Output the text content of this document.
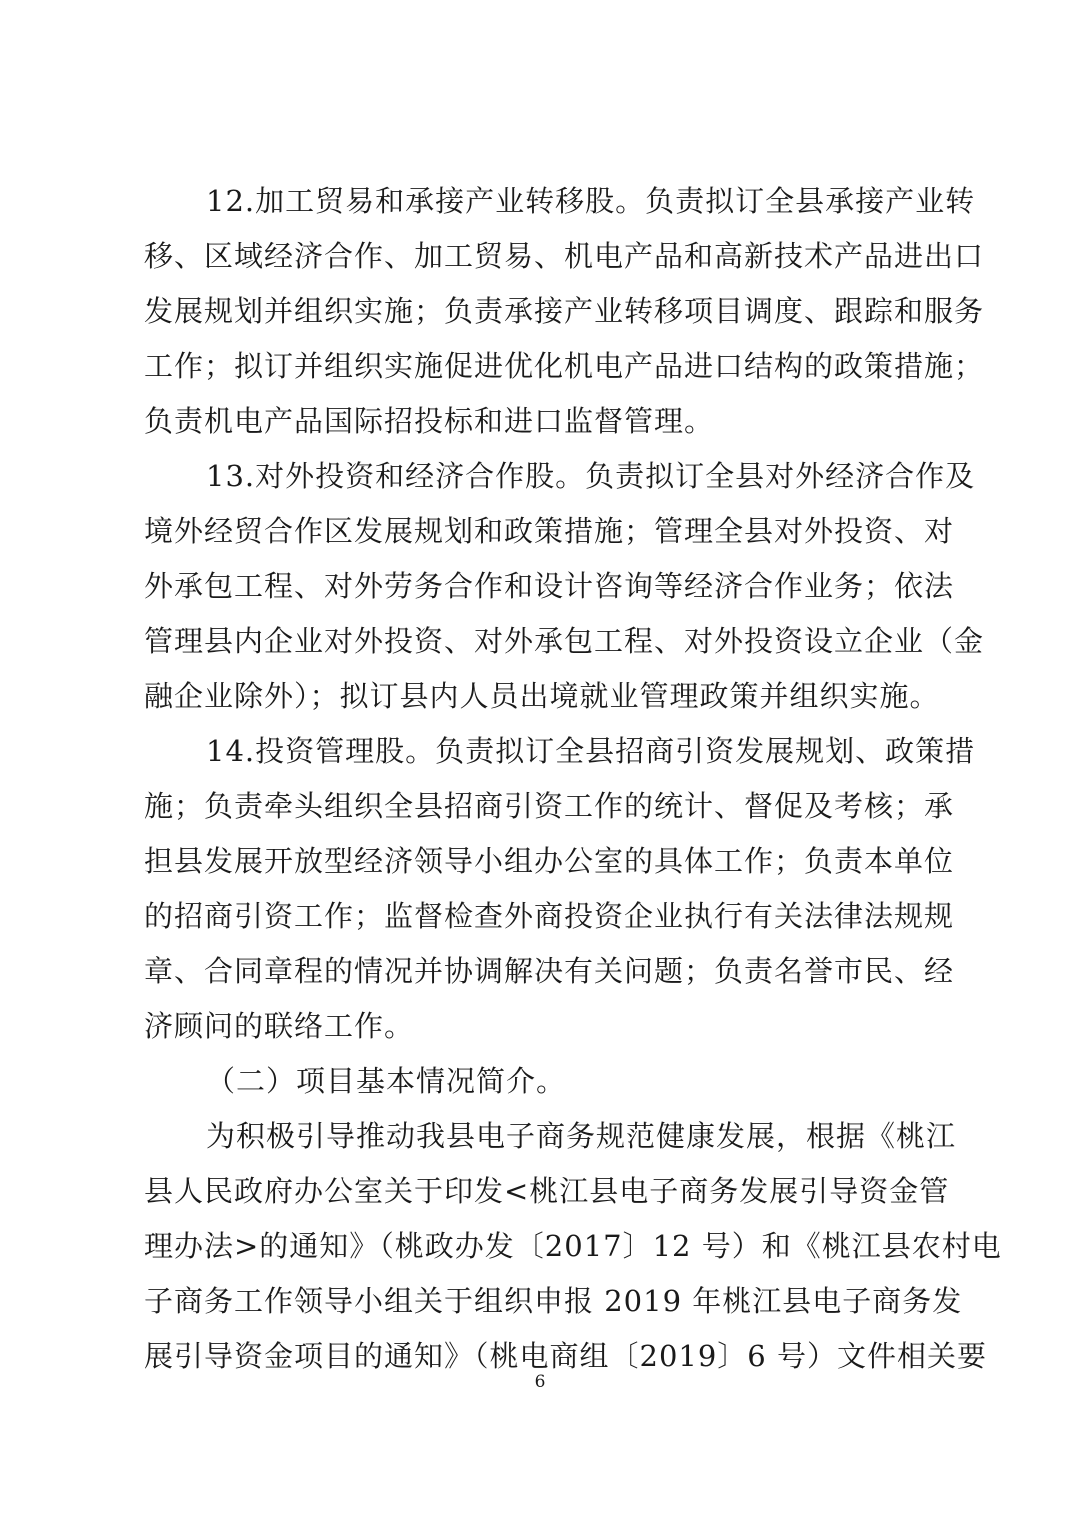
12.加工贸易和承接产业转移股。负责拟订全县承接产业转
移、区域经济合作、加工贸易、机电产品和高新技术产品进出口
发展规划并组织实施；负责承接产业转移项目调度、跟踪和服务
工作；拟订并组织实施促进优化机电产品进口结构的政策措施；
负责机电产品国际招投标和进口监督管理。
13.对外投资和经济合作股。负责拟订全县对外经济合作及
境外经贸合作区发展规划和政策措施；管理全县对外投资、对
外承包工程、对外劳务合作和设计咨询等经济合作业务；依法
管理县内企业对外投资、对外承包工程、对外投资设立企业（金
融企业除外）；拟订县内人员出境就业管理政策并组织实施。
14.投资管理股。负责拟订全县招商引资发展规划、政策措
施；负责牵头组织全县招商引资工作的统计、督促及考核；承
担县发展开放型经济领导小组办公室的具体工作；负责本单位
的招商引资工作；监督检查外商投资企业执行有关法律法规规
章、合同章程的情况并协调解决有关问题；负责名誉市民、经
济顾问的联络工作。
（二）项目基本情况简介。
为积极引导推动我县电子商务规范健康发展，根据《桃江
县人民政府办公室关于印发<桃江县电子商务发展引导资金管
理办法>的通知》（桃政办发〔2017〕12 号）和《桃江县农村电
子商务工作领导小组关于组织申报 2019 年桃江县电子商务发
展引导资金项目的通知》（桃电商组〔2019〕6 号）文件相关要
6
